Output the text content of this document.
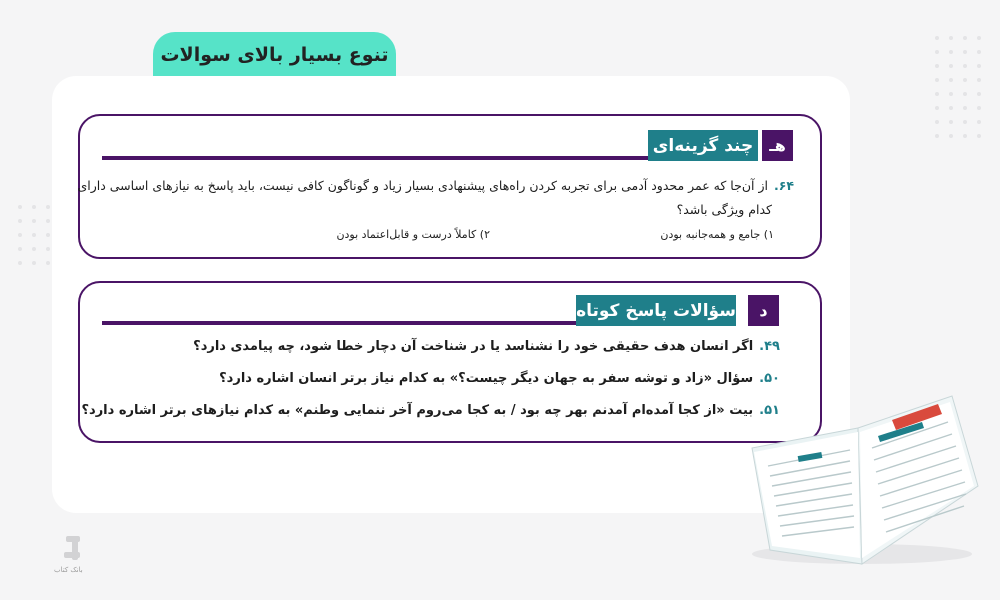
تنوع بسیار بالای سوالات
چند گزینه‌ای هـ
۶۴.از آن‌جا که عمر محدود آدمی برای تجربه کردن راه‌های پیشنهادی بسیار زیاد و گوناگون کافی نیست، باید پاسخ به نیازهای اساسی دارای
کدام ویژگی باشد؟
۱) جامع و همه‌جانبه بودن
۲) کاملاً درست و قابل‌اعتماد بودن
سؤالات پاسخ کوتاه د
۴۹.اگر انسان هدف حقیقی خود را نشناسد یا در شناخت آن دچار خطا شود، چه پیامدی دارد؟
۵۰.سؤال «زاد و توشه سفر به جهان دیگر چیست؟» به کدام نیاز برتر انسان اشاره دارد؟
۵۱.بیت «از کجا آمده‌ام آمدنم بهر چه بود / به کجا می‌روم آخر ننمایی وطنم» به کدام نیازهای برتر اشاره دارد؟
بانک کتاب
